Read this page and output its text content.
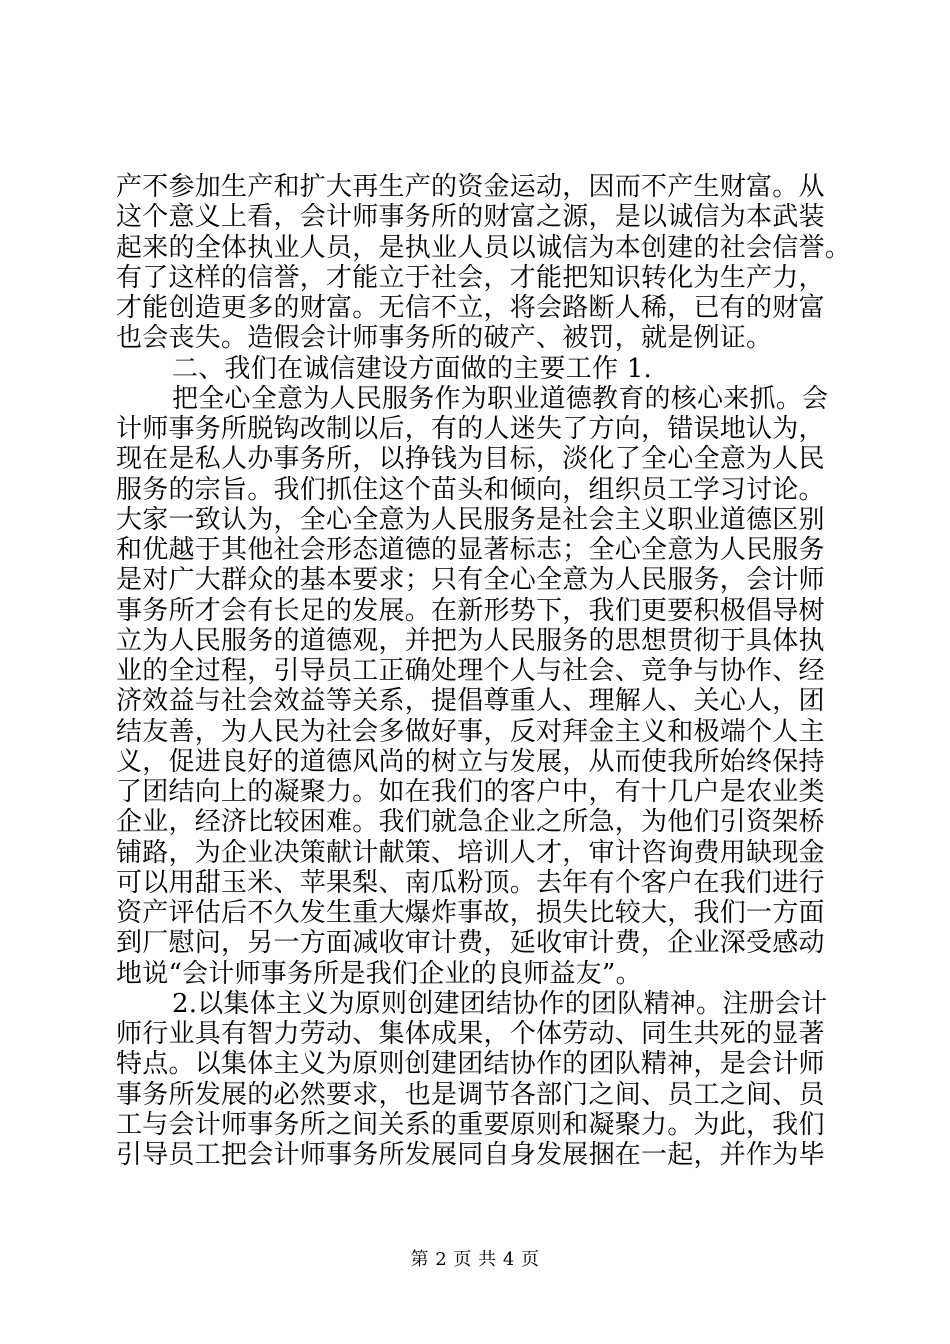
产不参加生产和扩大再生产的资金运动，因而不产生财富。从
这个意义上看，会计师事务所的财富之源，是以诚信为本武装
起来的全体执业人员，是执业人员以诚信为本创建的社会信誉。
有了这样的信誉，才能立于社会，才能把知识转化为生产力，
才能创造更多的财富。无信不立，将会路断人稀，已有的财富
也会丧失。造假会计师事务所的破产、被罚，就是例证。
二、我们在诚信建设方面做的主要工作 1.
把全心全意为人民服务作为职业道德教育的核心来抓。会
计师事务所脱钩改制以后，有的人迷失了方向，错误地认为，
现在是私人办事务所，以挣钱为目标，淡化了全心全意为人民
服务的宗旨。我们抓住这个苗头和倾向，组织员工学习讨论。
大家一致认为，全心全意为人民服务是社会主义职业道德区别
和优越于其他社会形态道德的显著标志；全心全意为人民服务
是对广大群众的基本要求；只有全心全意为人民服务，会计师
事务所才会有长足的发展。在新形势下，我们更要积极倡导树
立为人民服务的道德观，并把为人民服务的思想贯彻于具体执
业的全过程，引导员工正确处理个人与社会、竞争与协作、经
济效益与社会效益等关系，提倡尊重人、理解人、关心人，团
结友善，为人民为社会多做好事，反对拜金主义和极端个人主
义，促进良好的道德风尚的树立与发展，从而使我所始终保持
了团结向上的凝聚力。如在我们的客户中，有十几户是农业类
企业，经济比较困难。我们就急企业之所急，为他们引资架桥
铺路，为企业决策献计献策、培训人才，审计咨询费用缺现金
可以用甜玉米、苹果梨、南瓜粉顶。去年有个客户在我们进行
资产评估后不久发生重大爆炸事故，损失比较大，我们一方面
到厂慰问，另一方面减收审计费，延收审计费，企业深受感动
地说“会计师事务所是我们企业的良师益友”。
2.以集体主义为原则创建团结协作的团队精神。注册会计
师行业具有智力劳动、集体成果，个体劳动、同生共死的显著
特点。以集体主义为原则创建团结协作的团队精神，是会计师
事务所发展的必然要求，也是调节各部门之间、员工之间、员
工与会计师事务所之间关系的重要原则和凝聚力。为此，我们
引导员工把会计师事务所发展同自身发展捆在一起，并作为毕
第 2 页 共 4 页
